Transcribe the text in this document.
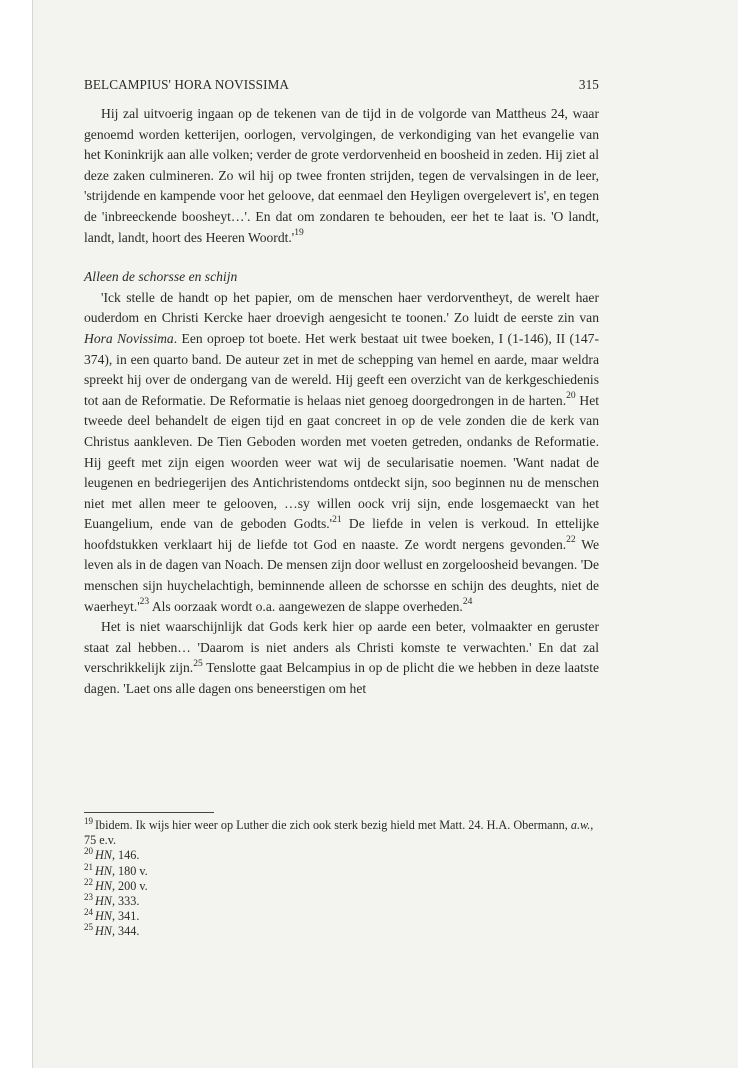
BELCAMPIUS' HORA NOVISSIMA	315

Hij zal uitvoerig ingaan op de tekenen van de tijd in de volgorde van Mattheus 24, waar genoemd worden ketterijen, oorlogen, vervolgingen, de verkondiging van het evangelie van het Koninkrijk aan alle volken; verder de grote verdorvenheid en boosheid in zeden. Hij ziet al deze zaken culmineren. Zo wil hij op twee fronten strijden, tegen de vervalsingen in de leer, 'strijdende en kampende voor het geloove, dat eenmael den Heyligen overgelevert is', en tegen de 'inbreeckende boosheyt…'. En dat om zondaren te behouden, eer het te laat is. 'O landt, landt, landt, hoort des Heeren $Woordt.'^{19}$

Alleen de schorsse en schijn

'Ick stelle de handt op het papier, om de menschen haer verdorventheyt, de werelt haer ouderdom en Christi Kercke haer droevigh aengesicht te toonen.' Zo luidt de eerste zin van Hora Novissima. Een oproep tot boete. Het werk bestaat uit twee boeken, I (1-146), II (147-374), in een quarto band. De auteur zet in met de schepping van hemel en aarde, maar weldra spreekt hij over de ondergang van de wereld. Hij geeft een overzicht van de kerkgeschiedenis tot aan de Reformatie. De Reformatie is helaas niet genoeg doorgedrongen in de harten.$^{20}$ Het tweede deel behandelt de eigen tijd en gaat concreet in op de vele zonden die de kerk van Christus aankleven. De Tien Geboden worden met voeten getreden, ondanks de Reformatie. Hij geeft met zijn eigen woorden weer wat wij de secularisatie noemen. 'Want nadat de leugenen en bedriegerijen des Antichristendoms ontdeckt sijn, soo beginnen nu de menschen niet met allen meer te gelooven, …sy willen oock vrij sijn, ende losgemaeckt van het Euangelium, ende van de geboden $Godts.'^{21}$ De liefde in velen is verkoud. In ettelijke hoofdstukken verklaart hij de liefde tot God en naaste. Ze wordt nergens gevonden.$^{22}$ We leven als in de dagen van Noach. De mensen zijn door wellust en zorgeloosheid bevangen. 'De menschen sijn huychelachtigh, beminnende alleen de schorsse en schijn des deughts, niet de $waerheyt.'^{23}$ Als oorzaak wordt o.a. aangewezen de slappe overheden.$^{24}$

Het is niet waarschijnlijk dat Gods kerk hier op aarde een beter, volmaakter en geruster staat zal hebben… 'Daarom is niet anders als Christi komste te verwachten.' En dat zal verschrikkelijk zijn.$^{25}$ Tenslotte gaat Belcampius in op de plicht die we hebben in deze laatste dagen. 'Laet ons alle dagen ons beneerstigen om het

$^{19}$ Ibidem. Ik wijs hier weer op Luther die zich ook sterk bezig hield met Matt. 24. H.A. Obermann, a.w., 75 e.v.

$^{20}$ HN, 146.

$^{21}$ HN, 180 v.

$^{22}$ HN, 200 v.

$^{23}$ HN, 333.

$^{24}$ HN, 341.

$^{25}$ HN, 344.
